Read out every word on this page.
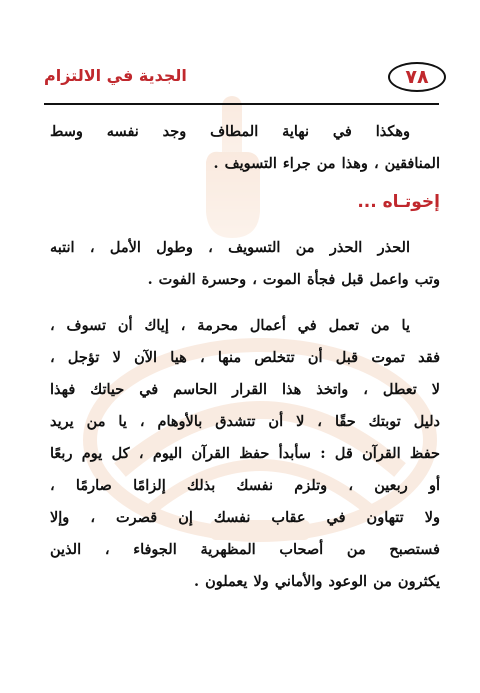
الجدية في الالتزام	٧٨
وهكذا في نهاية المطاف وجد نفسه وسط
المنافقين ، وهذا من جراء التسويف .
إخوتـاه ...
الحذر الحذر من التسويف ، وطول الأمل ، انتبه
وتب واعمل قبل فجأة الموت ، وحسرة الفوت .
يا من تعمل في أعمال محرمة ، إياك أن تسوف ،
فقد تموت قبل أن تتخلص منها ، هيا الآن لا تؤجل ،
لا تعطل ، واتخذ هذا القرار الحاسم في حياتك فهذا
دليل توبتك حقًا ، لا أن تتشدق بالأوهام ، يا من يريد
حفظ القرآن قل : سأبدأ حفظ القرآن اليوم ، كل يوم ربعًا
أو ربعين ، وتلزم نفسك بذلك إلزامًا صارمًا ،
ولا تتهاون في عقاب نفسك إن قصرت ، وإلا
فستصبح من أصحاب المظهرية الجوفاء ، الذين
يكثرون من الوعود والأماني ولا يعملون .
